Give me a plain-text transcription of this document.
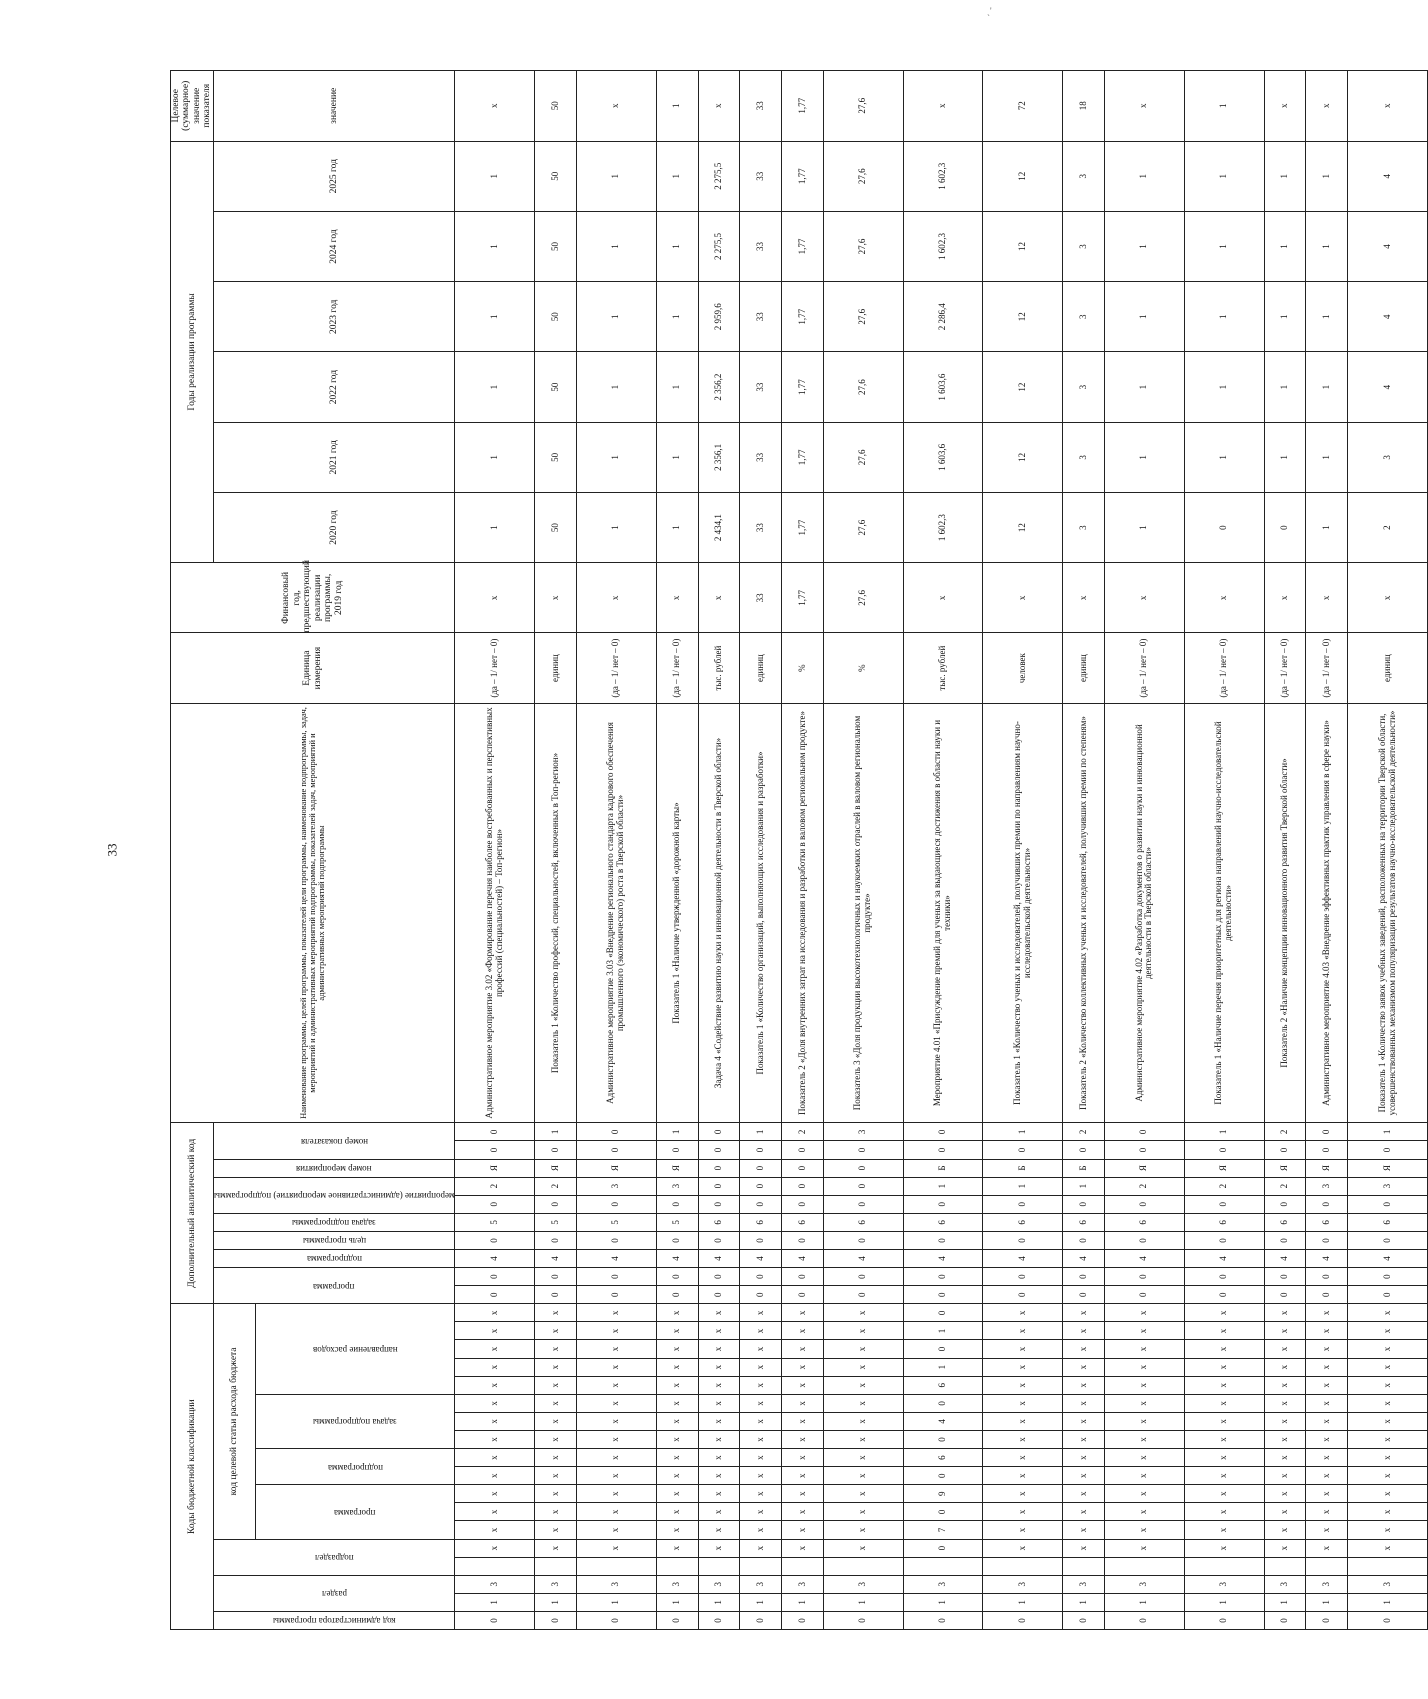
33
ˎ'
Коды бюджетной классификации																		Дополнительный аналитический код										Наименование программы, целей программы, показателей цели программы, наименование подпрограммы, задач, мероприятий и административных мероприятий подпрограммы, показателей задач, мероприятий и административных мероприятий подпрограммы	Единица измерения	Финансовый год, предшествующий реализации программы, 2019 год	Годы реализации программы						Целевое (суммарное) значение показателя

код администратора программы	раздел		подраздел		код целевой статьи расхода бюджета													программа		подпрограмма	цель программы	задача подпрограммы	мероприятие (административное мероприятие) подпрограммы		номер мероприятия	номер показателя					2020 год	2021 год	2022 год	2023 год	2024 год	2025 год	значение

					программа			подпрограмма		задача подпрограммы			направление расходов																								

0	1	3		x	x	x	x	x	x	x	x	x	x	x	x	x	x	0	0	4	0	5	0	2	Я	0	0	Административное мероприятие 3.02 «Формирование перечня наиболее востребованных и перспективных профессий (специальностей) – Топ-регион»	(да – 1/ нет – 0)	x	1	1	1	1	1	1	x
0	1	3		x	x	x	x	x	x	x	x	x	x	x	x	x	x	0	0	4	0	5	0	2	Я	0	1	Показатель 1 «Количество профессий, специальностей, включенных в Топ-регион»	единиц	x	50	50	50	50	50	50	50
0	1	3		x	x	x	x	x	x	x	x	x	x	x	x	x	x	0	0	4	0	5	0	3	Я	0	0	Административное мероприятие 3.03 «Внедрение регионального стандарта кадрового обеспечения промышленного (экономического) роста в Тверской области»	(да – 1/ нет – 0)	x	1	1	1	1	1	1	x
0	1	3		x	x	x	x	x	x	x	x	x	x	x	x	x	x	0	0	4	0	5	0	3	Я	0	1	Показатель 1 «Наличие утвержденной «дорожной карты»	(да – 1/ нет – 0)	x	1	1	1	1	1	1	1
0	1	3		x	x	x	x	x	x	x	x	x	x	x	x	x	x	0	0	4	0	6	0	0	0	0	0	Задача 4 «Содействие развитию науки и инновационной деятельности в Тверской области»	тыс. рублей	x	2 434,1	2 356,1	2 356,2	2 959,6	2 275,5	2 275,5	x
0	1	3		x	x	x	x	x	x	x	x	x	x	x	x	x	x	0	0	4	0	6	0	0	0	0	1	Показатель 1 «Количество организаций, выполняющих исследования и разработки»	единиц	33	33	33	33	33	33	33	33
0	1	3		x	x	x	x	x	x	x	x	x	x	x	x	x	x	0	0	4	0	6	0	0	0	0	2	Показатель 2 «Доля внутренних затрат на исследования и разработки в валовом региональном продукте»	%	1,77	1,77	1,77	1,77	1,77	1,77	1,77	1,77
0	1	3		x	x	x	x	x	x	x	x	x	x	x	x	x	x	0	0	4	0	6	0	0	0	0	3	Показатель 3 «Доля продукции высокотехнологичных и наукоемких отраслей в валовом региональном продукте»	%	27,6	27,6	27,6	27,6	27,6	27,6	27,6	27,6
0	1	3		0	7	0	9	0	6	0	4	0	6	1	0	1	0	0	0	4	0	6	0	1	Б	0	0	Мероприятие 4.01 «Присуждение премий для ученых за выдающиеся достижения в области науки и техники»	тыс. рублей	x	1 602,3	1 603,6	1 603,6	2 286,4	1 602,3	1 602,3	x
0	1	3		x	x	x	x	x	x	x	x	x	x	x	x	x	x	0	0	4	0	6	0	1	Б	0	1	Показатель 1 «Количество ученых и исследователей, получивших премии по направлениям научно-исследовательской деятельности»	человек	x	12	12	12	12	12	12	72
0	1	3		x	x	x	x	x	x	x	x	x	x	x	x	x	x	0	0	4	0	6	0	1	Б	0	2	Показатель 2 «Количество коллективных ученых и исследователей, получивших премии по степеням»	единиц	x	3	3	3	3	3	3	18
0	1	3		x	x	x	x	x	x	x	x	x	x	x	x	x	x	0	0	4	0	6	0	2	Я	0	0	Административное мероприятие 4.02 «Разработка документов о развитии науки и инновационной деятельности в Тверской области»	(да – 1/ нет – 0)	x	1	1	1	1	1	1	x
0	1	3		x	x	x	x	x	x	x	x	x	x	x	x	x	x	0	0	4	0	6	0	2	Я	0	1	Показатель 1 «Наличие перечня приоритетных для региона направлений научно-исследовательской деятельности»	(да – 1/ нет – 0)	x	0	1	1	1	1	1	1
0	1	3		x	x	x	x	x	x	x	x	x	x	x	x	x	x	0	0	4	0	6	0	2	Я	0	2	Показатель 2 «Наличие концепции инновационного развития Тверской области»	(да – 1/ нет – 0)	x	0	1	1	1	1	1	x
0	1	3		x	x	x	x	x	x	x	x	x	x	x	x	x	x	0	0	4	0	6	0	3	Я	0	0	Административное мероприятие 4.03 «Внедрение эффективных практик управления в сфере науки»	(да – 1/ нет – 0)	x	1	1	1	1	1	1	x
0	1	3		x	x	x	x	x	x	x	x	x	x	x	x	x	x	0	0	4	0	6	0	3	Я	0	1	Показатель 1 «Количество заявок учебных заведений, расположенных на территории Тверской области, усовершенствованных механизмом популяризации результатов научно-исследовательской деятельности»	единиц	x	2	3	4	4	4	4	x
